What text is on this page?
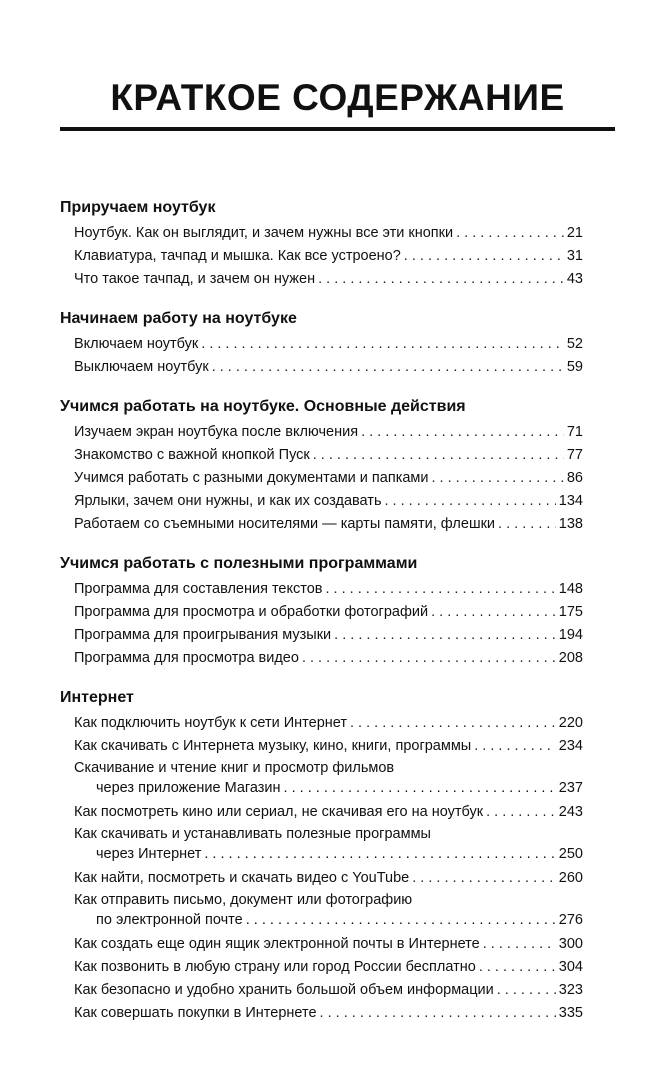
КРАТКОЕ СОДЕРЖАНИЕ
Приручаем ноутбук
Ноутбук. Как он выглядит, и зачем нужны все эти кнопки . . .	21
Клавиатура, тачпад и мышка. Как все устроено? . . .	31
Что такое тачпад, и зачем он нужен . . .	43
Начинаем работу на ноутбуке
Включаем ноутбук . . .	52
Выключаем ноутбук . . .	59
Учимся работать на ноутбуке. Основные действия
Изучаем экран ноутбука после включения . . .	71
Знакомство с важной кнопкой Пуск . . .	77
Учимся работать с разными документами и папками . . .	86
Ярлыки, зачем они нужны, и как их создавать . . .	134
Работаем со съемными носителями — карты памяти, флешки . . .	138
Учимся работать с полезными программами
Программа для составления текстов . . .	148
Программа для просмотра и обработки фотографий . . .	175
Программа для проигрывания музыки . . .	194
Программа для просмотра видео . . .	208
Интернет
Как подключить ноутбук к сети Интернет . . .	220
Как скачивать с Интернета музыку, кино, книги, программы . . .	234
Скачивание и чтение книг и просмотр фильмов
через приложение Магазин . . .	237
Как посмотреть кино или сериал, не скачивая его на ноутбук . . .	243
Как скачивать и устанавливать полезные программы
через Интернет . . .	250
Как найти, посмотреть и скачать видео с YouTube . . .	260
Как отправить письмо, документ или фотографию
по электронной почте . . .	276
Как создать еще один ящик электронной почты в Интернете . . .	300
Как позвонить в любую страну или город России бесплатно . . .	304
Как безопасно и удобно хранить большой объем информации . . .	323
Как совершать покупки в Интернете . . .	335
